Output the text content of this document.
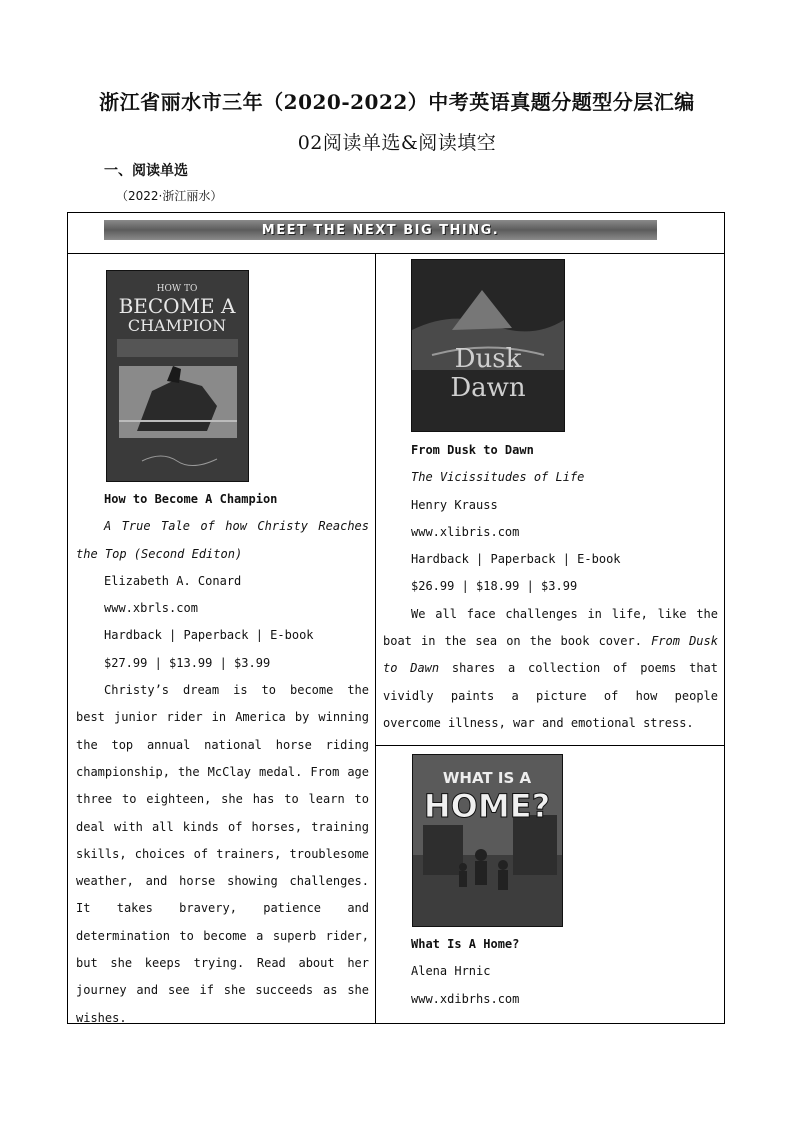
浙江省丽水市三年（2020-2022）中考英语真题分题型分层汇编
02阅读单选&阅读填空
一、阅读单选
（2022·浙江丽水）
MEET THE NEXT BIG THING.
HOW TO
BECOME A
CHAMPION
Dusk
Dawn
WHAT IS A
HOME?

How to Become A Champion

A True Tale of how Christy Reaches the Top (Second Editon)

Elizabeth A. Conard

www.xbrls.com

Hardback | Paperback | E-book

$27.99 | $13.99 | $3.99

Christy’s dream is to become the best junior rider in America by winning the top annual national horse riding championship, the McClay medal. From age three to eighteen, she has to learn to deal with all kinds of horses, training skills, choices of trainers, troublesome weather, and horse showing challenges. It takes bravery, patience and determination to become a superb rider, but she keeps trying. Read about her journey and see if she succeeds as she wishes.

From Dusk to Dawn

The Vicissitudes of Life

Henry Krauss

www.xlibris.com

Hardback | Paperback | E-book

$26.99 | $18.99 | $3.99

We all face challenges in life, like the boat in the sea on the book cover. From Dusk to Dawn shares a collection of poems that vividly paints a picture of how people overcome illness, war and emotional stress.

What Is A Home?

Alena Hrnic

www.xdibrhs.com
